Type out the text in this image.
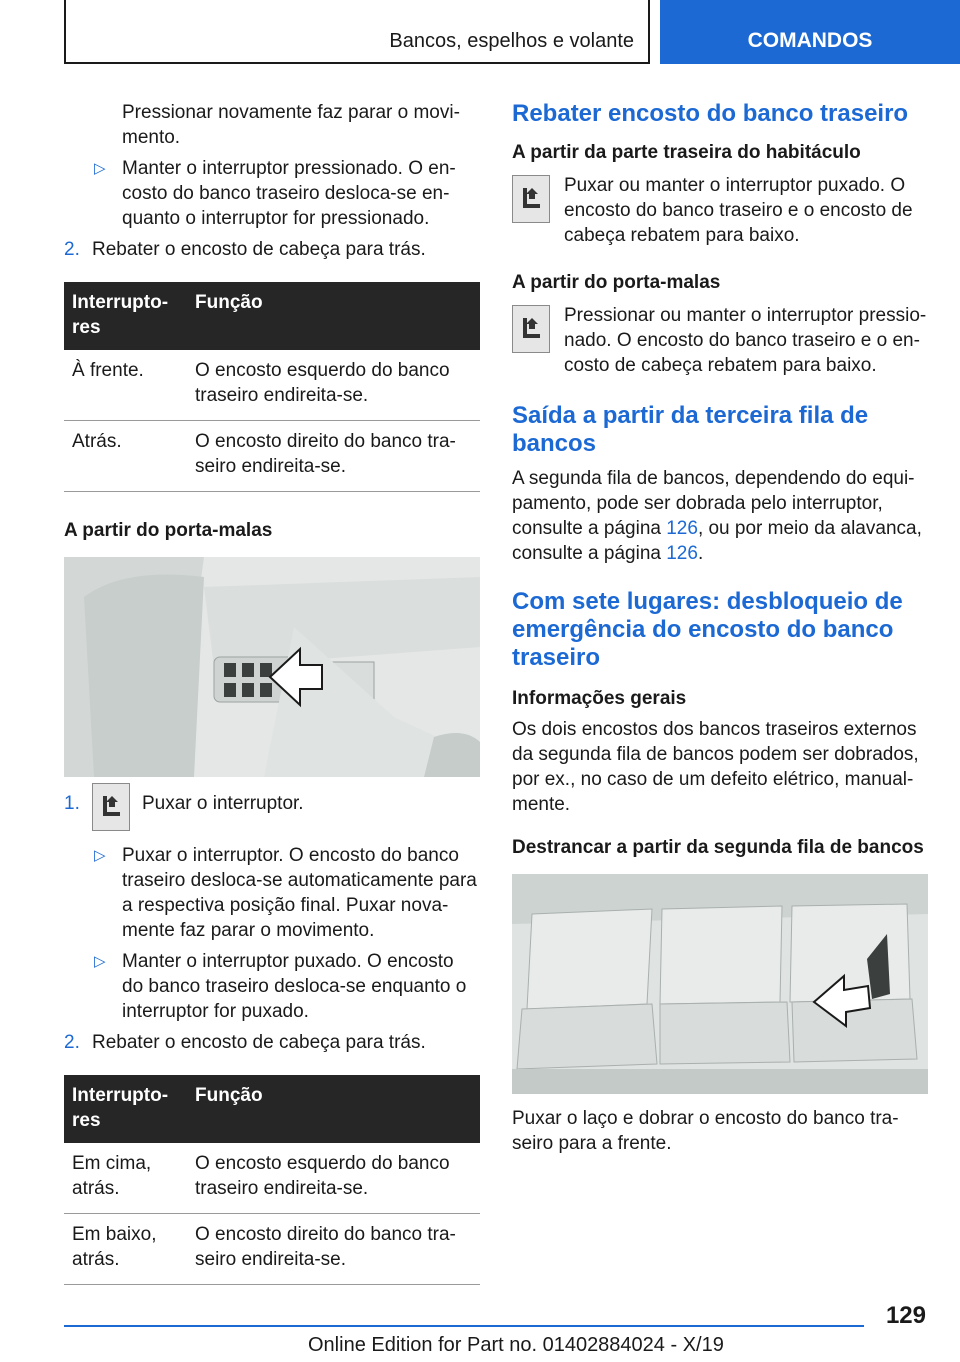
Bancos, espelhos e volante	COMANDOS

Pressionar novamente faz parar o movi-mento.

▷ Manter o interruptor pressionado. O en-costo do banco traseiro desloca-se en-quanto o interruptor for pressionado.
2. Rebater o encosto de cabeça para trás.
Interrupto-res	Função
À frente.	O encosto esquerdo do banco traseiro endireita-se.
Atrás.	O encosto direito do banco tra-seiro endireita-se.
A partir do porta-malas
1.	Puxar o interruptor.
▷ Puxar o interruptor. O encosto do banco traseiro desloca-se automaticamente para a respectiva posição final. Puxar nova-mente faz parar o movimento.
▷ Manter o interruptor puxado. O encosto do banco traseiro desloca-se enquanto o interruptor for puxado.
2. Rebater o encosto de cabeça para trás.
Interrupto-res	Função
Em cima, atrás.	O encosto esquerdo do banco traseiro endireita-se.
Em baixo, atrás.	O encosto direito do banco tra-seiro endireita-se.
Rebater encosto do banco traseiro
A partir da parte traseira do habitáculo
Puxar ou manter o interruptor puxado. O encosto do banco traseiro e o encosto de cabeça rebatem para baixo.
A partir do porta-malas
Pressionar ou manter o interruptor pressio-nado. O encosto do banco traseiro e o en-costo de cabeça rebatem para baixo.
Saída a partir da terceira fila de bancos

A segunda fila de bancos, dependendo do equi-pamento, pode ser dobrada pelo interruptor, consulte a página 126, ou por meio da alavanca, consulte a página 126.

Com sete lugares: desbloqueio de emergência do encosto do banco traseiro
Informações gerais

Os dois encostos dos bancos traseiros externos da segunda fila de bancos podem ser dobrados, por ex., no caso de um defeito elétrico, manual-mente.

Destrancar a partir da segunda fila de bancos

Puxar o laço e dobrar o encosto do banco tra-seiro para a frente.

129
Online Edition for Part no. 01402884024 - X/19
